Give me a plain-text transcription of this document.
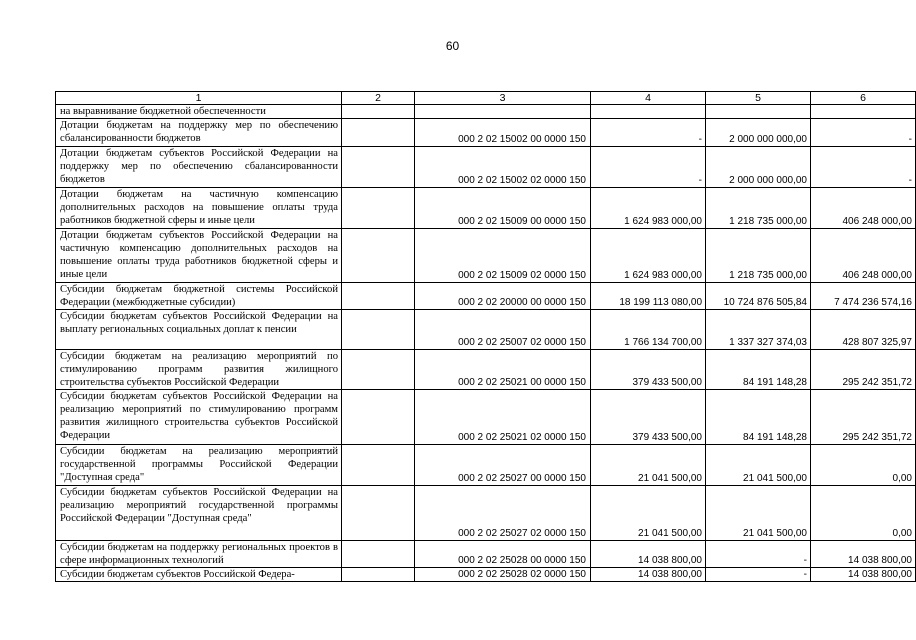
60
1	2	3	4	5	6
на выравнивание бюджетной обеспеченности					
Дотации бюджетам на поддержку мер по обеспечению сбалансированности бюджетов		000 2 02 15002 00 0000 150	-	2 000 000 000,00	-
Дотации бюджетам субъектов Российской Федерации на поддержку мер по обеспечению сбалансированности бюджетов		000 2 02 15002 02 0000 150	-	2 000 000 000,00	-
Дотации бюджетам на частичную компенсацию дополнительных расходов на повышение оплаты труда работников бюджетной сферы и иные цели		000 2 02 15009 00 0000 150	1 624 983 000,00	1 218 735 000,00	406 248 000,00
Дотации бюджетам субъектов Российской Федерации на частичную компенсацию дополнительных расходов на повышение оплаты труда работников бюджетной сферы и иные цели		000 2 02 15009 02 0000 150	1 624 983 000,00	1 218 735 000,00	406 248 000,00
Субсидии бюджетам бюджетной системы Российской Федерации (межбюджетные субсидии)		000 2 02 20000 00 0000 150	18 199 113 080,00	10 724 876 505,84	7 474 236 574,16
Субсидии бюджетам субъектов Российской Федерации на выплату региональных социальных доплат к пенсии		000 2 02 25007 02 0000 150	1 766 134 700,00	1 337 327 374,03	428 807 325,97
Субсидии бюджетам на реализацию мероприятий по стимулированию программ развития жилищного строительства субъектов Российской Федерации		000 2 02 25021 00 0000 150	379 433 500,00	84 191 148,28	295 242 351,72
Субсидии бюджетам субъектов Российской Федерации на реализацию мероприятий по стимулированию программ развития жилищного строительства субъектов Российской Федерации		000 2 02 25021 02 0000 150	379 433 500,00	84 191 148,28	295 242 351,72
Субсидии бюджетам на реализацию мероприятий государственной программы Российской Федерации "Доступная среда"		000 2 02 25027 00 0000 150	21 041 500,00	21 041 500,00	0,00
Субсидии бюджетам субъектов Российской Федерации на реализацию мероприятий государственной программы Российской Федерации "Доступная среда"		000 2 02 25027 02 0000 150	21 041 500,00	21 041 500,00	0,00
Субсидии бюджетам на поддержку региональных проектов в сфере информационных технологий		000 2 02 25028 00 0000 150	14 038 800,00	-	14 038 800,00
Субсидии бюджетам субъектов Российской Федера-		000 2 02 25028 02 0000 150	14 038 800,00	-	14 038 800,00
